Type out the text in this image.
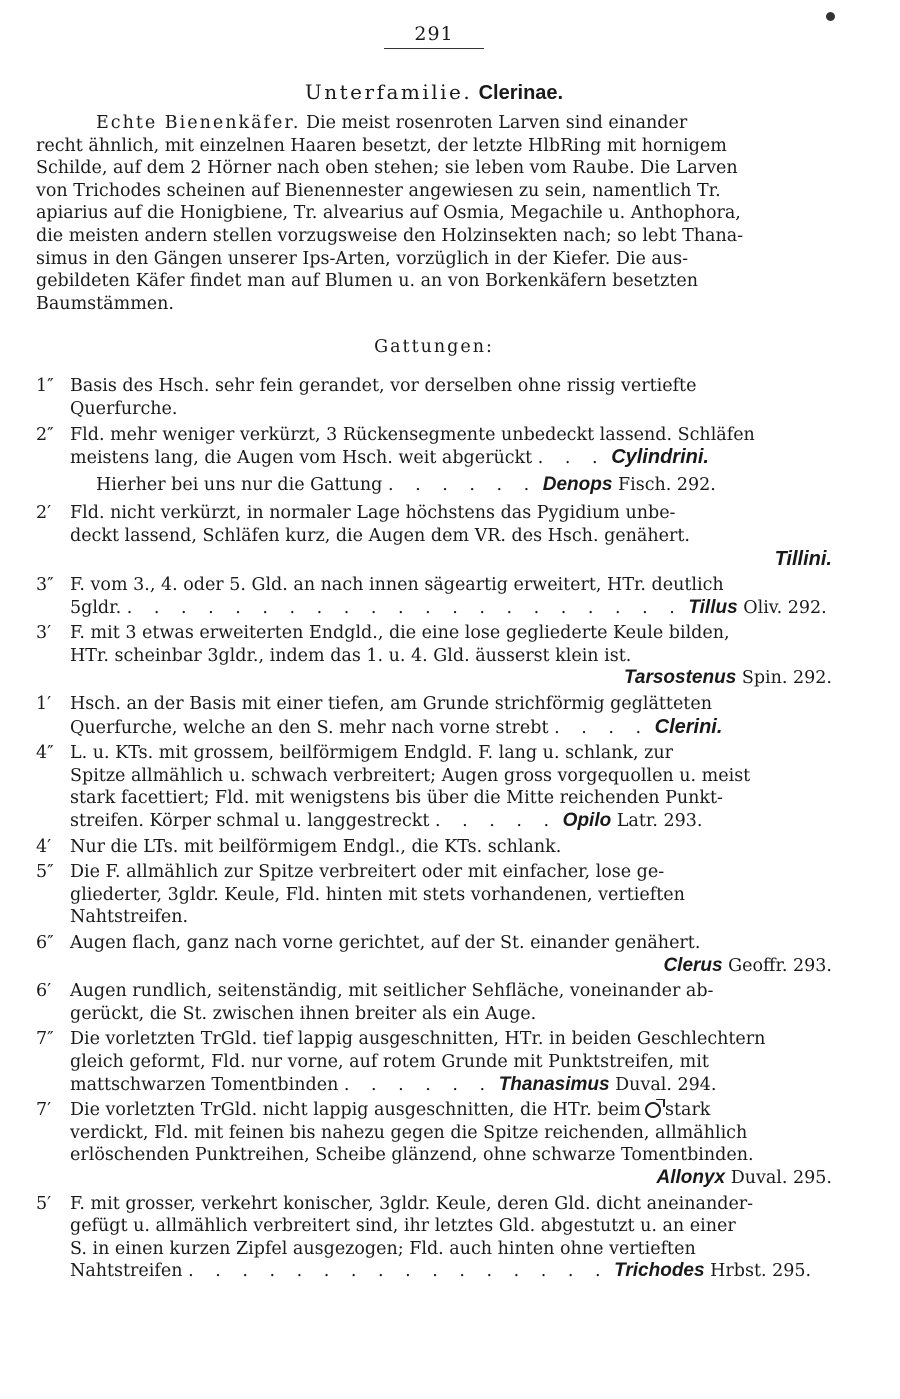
291
Unterfamilie. Clerinae.
Echte Bienenkäfer. Die meist rosenroten Larven sind einander
recht ähnlich, mit einzelnen Haaren besetzt, der letzte HlbRing mit hornigem
Schilde, auf dem 2 Hörner nach oben stehen; sie leben vom Raube. Die Larven
von Trichodes scheinen auf Bienennester angewiesen zu sein, namentlich Tr.
apiarius auf die Honigbiene, Tr. alvearius auf Osmia, Megachile u. Anthophora,
die meisten andern stellen vorzugsweise den Holzinsekten nach; so lebt Thana-
simus in den Gängen unserer Ips-Arten, vorzüglich in der Kiefer. Die aus-
gebildeten Käfer findet man auf Blumen u. an von Borkenkäfern besetzten
Baumstämmen.
Gattungen:
1″ Basis des Hsch. sehr fein gerandet, vor derselben ohne rissig vertiefte
Querfurche.
2″ Fld. mehr weniger verkürzt, 3 Rückensegmente unbedeckt lassend. Schläfen
meistens lang, die Augen vom Hsch. weit abgerückt . . . Cylindrini.
Hierher bei uns nur die Gattung . . . . . . Denops Fisch. 292.
2′ Fld. nicht verkürzt, in normaler Lage höchstens das Pygidium unbe-
deckt lassend, Schläfen kurz, die Augen dem VR. des Hsch. genähert.
Tillini.
3″ F. vom 3., 4. oder 5. Gld. an nach innen sägeartig erweitert, HTr. deutlich
5gldr. . . . . . . . . . . . . . . . . . . . . . Tillus Oliv. 292.
3′ F. mit 3 etwas erweiterten Endgld., die eine lose gegliederte Keule bilden,
HTr. scheinbar 3gldr., indem das 1. u. 4. Gld. äusserst klein ist.
Tarsostenus Spin. 292.
1′ Hsch. an der Basis mit einer tiefen, am Grunde strichförmig geglätteten
Querfurche, welche an den S. mehr nach vorne strebt . . . . Clerini.
4″ L. u. KTs. mit grossem, beilförmigem Endgld. F. lang u. schlank, zur
Spitze allmählich u. schwach verbreitert; Augen gross vorgequollen u. meist
stark facettiert; Fld. mit wenigstens bis über die Mitte reichenden Punkt-
streifen. Körper schmal u. langgestreckt . . . . . Opilo Latr. 293.
4′ Nur die LTs. mit beilförmigem Endgl., die KTs. schlank.
5″ Die F. allmählich zur Spitze verbreitert oder mit einfacher, lose ge-
gliederter, 3gldr. Keule, Fld. hinten mit stets vorhandenen, vertieften
Nahtstreifen.
6″ Augen flach, ganz nach vorne gerichtet, auf der St. einander genähert.
Clerus Geoffr. 293.
6′ Augen rundlich, seitenständig, mit seitlicher Sehfläche, voneinander ab-
gerückt, die St. zwischen ihnen breiter als ein Auge.
7″ Die vorletzten TrGld. tief lappig ausgeschnitten, HTr. in beiden Geschlechtern
gleich geformt, Fld. nur vorne, auf rotem Grunde mit Punktstreifen, mit
mattschwarzen Tomentbinden . . . . . . Thanasimus Duval. 294.
7′ Die vorletzten TrGld. nicht lappig ausgeschnitten, die HTr. beim stark
verdickt, Fld. mit feinen bis nahezu gegen die Spitze reichenden, allmählich
erlöschenden Punktreihen, Scheibe glänzend, ohne schwarze Tomentbinden.
Allonyx Duval. 295.
5′ F. mit grosser, verkehrt konischer, 3gldr. Keule, deren Gld. dicht aneinander-
gefügt u. allmählich verbreitert sind, ihr letztes Gld. abgestutzt u. an einer
S. in einen kurzen Zipfel ausgezogen; Fld. auch hinten ohne vertieften
Nahtstreifen . . . . . . . . . . . . . . . . Trichodes Hrbst. 295.
